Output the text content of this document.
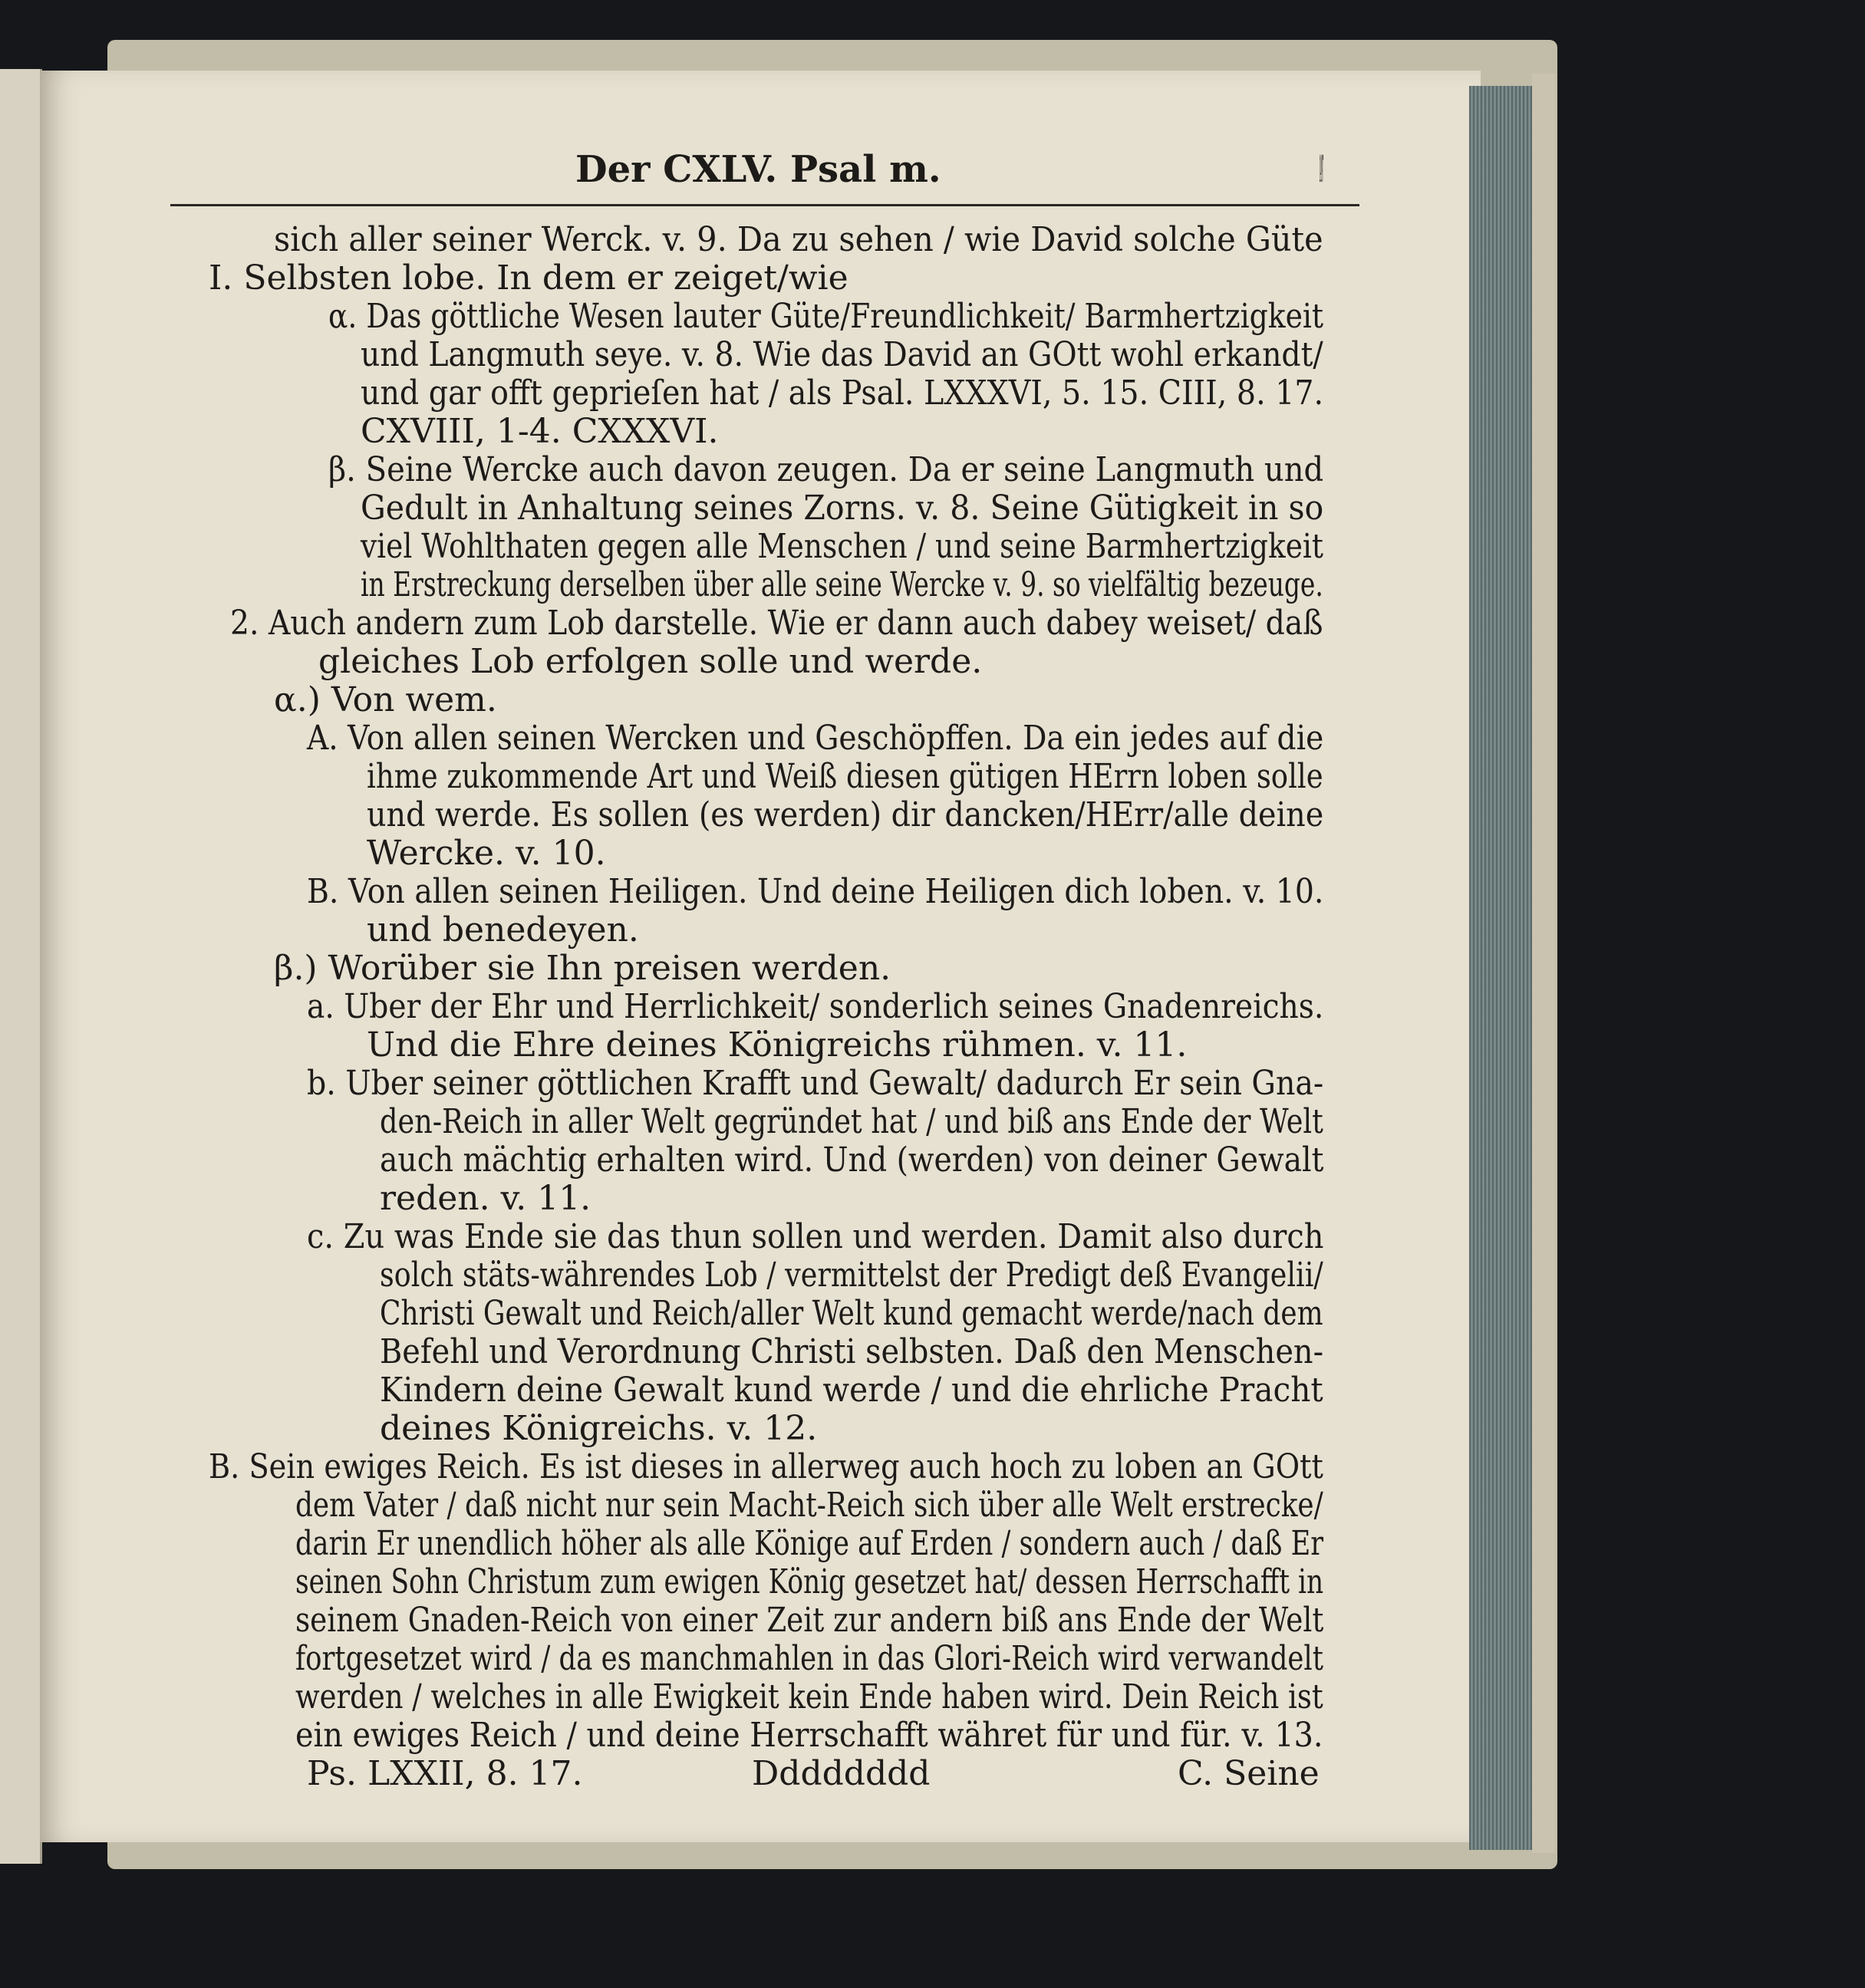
Der CXLV. Psal m.	1497
sich aller seiner Werck. v. 9. Da zu sehen / wie David solche Güte
I. Selbsten lobe. In dem er zeiget/wie
α. Das göttliche Wesen lauter Güte/Freundlichkeit/ Barmhertzigkeit
und Langmuth seye. v. 8. Wie das David an GOtt wohl erkandt/
und gar offt geprieſen hat / als Psal. LXXXVI, 5. 15. CIII, 8. 17.
CXVIII, 1-4. CXXXVI.
β. Seine Wercke auch davon zeugen. Da er seine Langmuth und
Gedult in Anhaltung seines Zorns. v. 8. Seine Gütigkeit in so
viel Wohlthaten gegen alle Menschen / und seine Barmhertzigkeit
in Erstreckung derselben über alle seine Wercke v. 9. so vielfältig bezeuge.
2. Auch andern zum Lob darstelle. Wie er dann auch dabey weiset/ daß
gleiches Lob erfolgen solle und werde.
α.) Von wem.
A. Von allen seinen Wercken und Geschöpffen. Da ein jedes auf die
ihme zukommende Art und Weiß diesen gütigen HErrn loben solle
und werde. Es sollen (es werden) dir dancken/HErr/alle deine
Wercke. v. 10.
B. Von allen seinen Heiligen. Und deine Heiligen dich loben. v. 10.
und benedeyen.
β.) Worüber sie Ihn preisen werden.
a. Uber der Ehr und Herrlichkeit/ sonderlich seines Gnadenreichs.
Und die Ehre deines Königreichs rühmen. v. 11.
b. Uber seiner göttlichen Krafft und Gewalt/ dadurch Er sein Gna-
den-Reich in aller Welt gegründet hat / und biß ans Ende der Welt
auch mächtig erhalten wird. Und (werden) von deiner Gewalt
reden. v. 11.
c. Zu was Ende sie das thun sollen und werden. Damit also durch
solch stäts-währendes Lob / vermittelst der Predigt deß Evangelii/
Christi Gewalt und Reich/aller Welt kund gemacht werde/nach dem
Befehl und Verordnung Christi selbsten. Daß den Menschen-
Kindern deine Gewalt kund werde / und die ehrliche Pracht
deines Königreichs. v. 12.
B. Sein ewiges Reich. Es ist dieses in allerweg auch hoch zu loben an GOtt
dem Vater / daß nicht nur sein Macht-Reich sich über alle Welt erstrecke/
darin Er unendlich höher als alle Könige auf Erden / sondern auch / daß Er
seinen Sohn Christum zum ewigen König gesetzet hat/ dessen Herrschafft in
seinem Gnaden-Reich von einer Zeit zur andern biß ans Ende der Welt
fortgesetzet wird / da es manchmahlen in das Glori-Reich wird verwandelt
werden / welches in alle Ewigkeit kein Ende haben wird. Dein Reich ist
ein ewiges Reich / und deine Herrschafft währet für und für. v. 13.
Ps. LXXII, 8. 17.	Dddddddd	C. Seine
